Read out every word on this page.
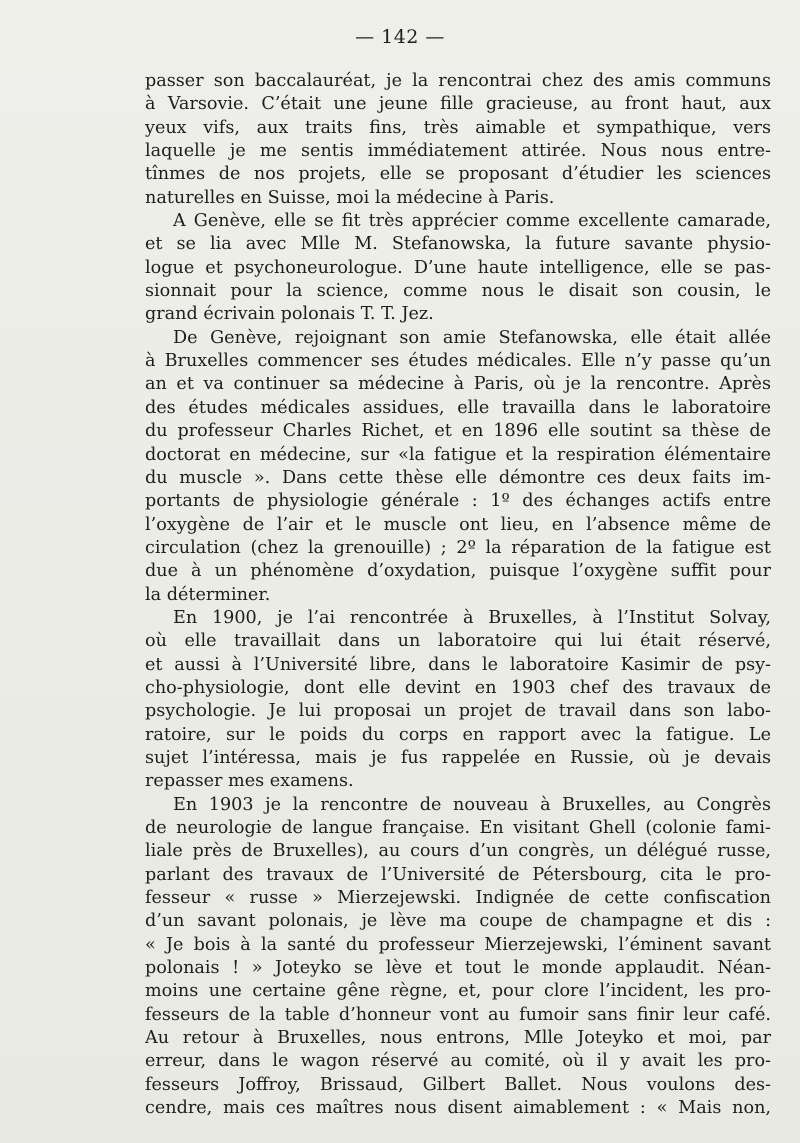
— 142 —
passer son baccalauréat, je la rencontrai chez des amis communs
à Varsovie. C’était une jeune fille gracieuse, au front haut, aux
yeux vifs, aux traits fins, très aimable et sympathique, vers
laquelle je me sentis immédiatement attirée. Nous nous entre-
tînmes de nos projets, elle se proposant d’étudier les sciences
naturelles en Suisse, moi la médecine à Paris.
A Genève, elle se fit très apprécier comme excellente camarade,
et se lia avec Mlle M. Stefanowska, la future savante physio-
logue et psychoneurologue. D’une haute intelligence, elle se pas-
sionnait pour la science, comme nous le disait son cousin, le
grand écrivain polonais T. T. Jez.
De Genève, rejoignant son amie Stefanowska, elle était allée
à Bruxelles commencer ses études médicales. Elle n’y passe qu’un
an et va continuer sa médecine à Paris, où je la rencontre. Après
des études médicales assidues, elle travailla dans le laboratoire
du professeur Charles Richet, et en 1896 elle soutint sa thèse de
doctorat en médecine, sur «la fatigue et la respiration élémentaire
du muscle ». Dans cette thèse elle démontre ces deux faits im-
portants de physiologie générale : 1º des échanges actifs entre
l’oxygène de l’air et le muscle ont lieu, en l’absence même de
circulation (chez la grenouille) ; 2º la réparation de la fatigue est
due à un phénomène d’oxydation, puisque l’oxygène suffit pour
la déterminer.
En 1900, je l’ai rencontrée à Bruxelles, à l’Institut Solvay,
où elle travaillait dans un laboratoire qui lui était réservé,
et aussi à l’Université libre, dans le laboratoire Kasimir de psy-
cho-physiologie, dont elle devint en 1903 chef des travaux de
psychologie. Je lui proposai un projet de travail dans son labo-
ratoire, sur le poids du corps en rapport avec la fatigue. Le
sujet l’intéressa, mais je fus rappelée en Russie, où je devais
repasser mes examens.
En 1903 je la rencontre de nouveau à Bruxelles, au Congrès
de neurologie de langue française. En visitant Ghell (colonie fami-
liale près de Bruxelles), au cours d’un congrès, un délégué russe,
parlant des travaux de l’Université de Pétersbourg, cita le pro-
fesseur « russe » Mierzejewski. Indignée de cette confiscation
d’un savant polonais, je lève ma coupe de champagne et dis :
« Je bois à la santé du professeur Mierzejewski, l’éminent savant
polonais ! » Joteyko se lève et tout le monde applaudit. Néan-
moins une certaine gêne règne, et, pour clore l’incident, les pro-
fesseurs de la table d’honneur vont au fumoir sans finir leur café.
Au retour à Bruxelles, nous entrons, Mlle Joteyko et moi, par
erreur, dans le wagon réservé au comité, où il y avait les pro-
fesseurs Joffroy, Brissaud, Gilbert Ballet. Nous voulons des-
cendre, mais ces maîtres nous disent aimablement : « Mais non,
